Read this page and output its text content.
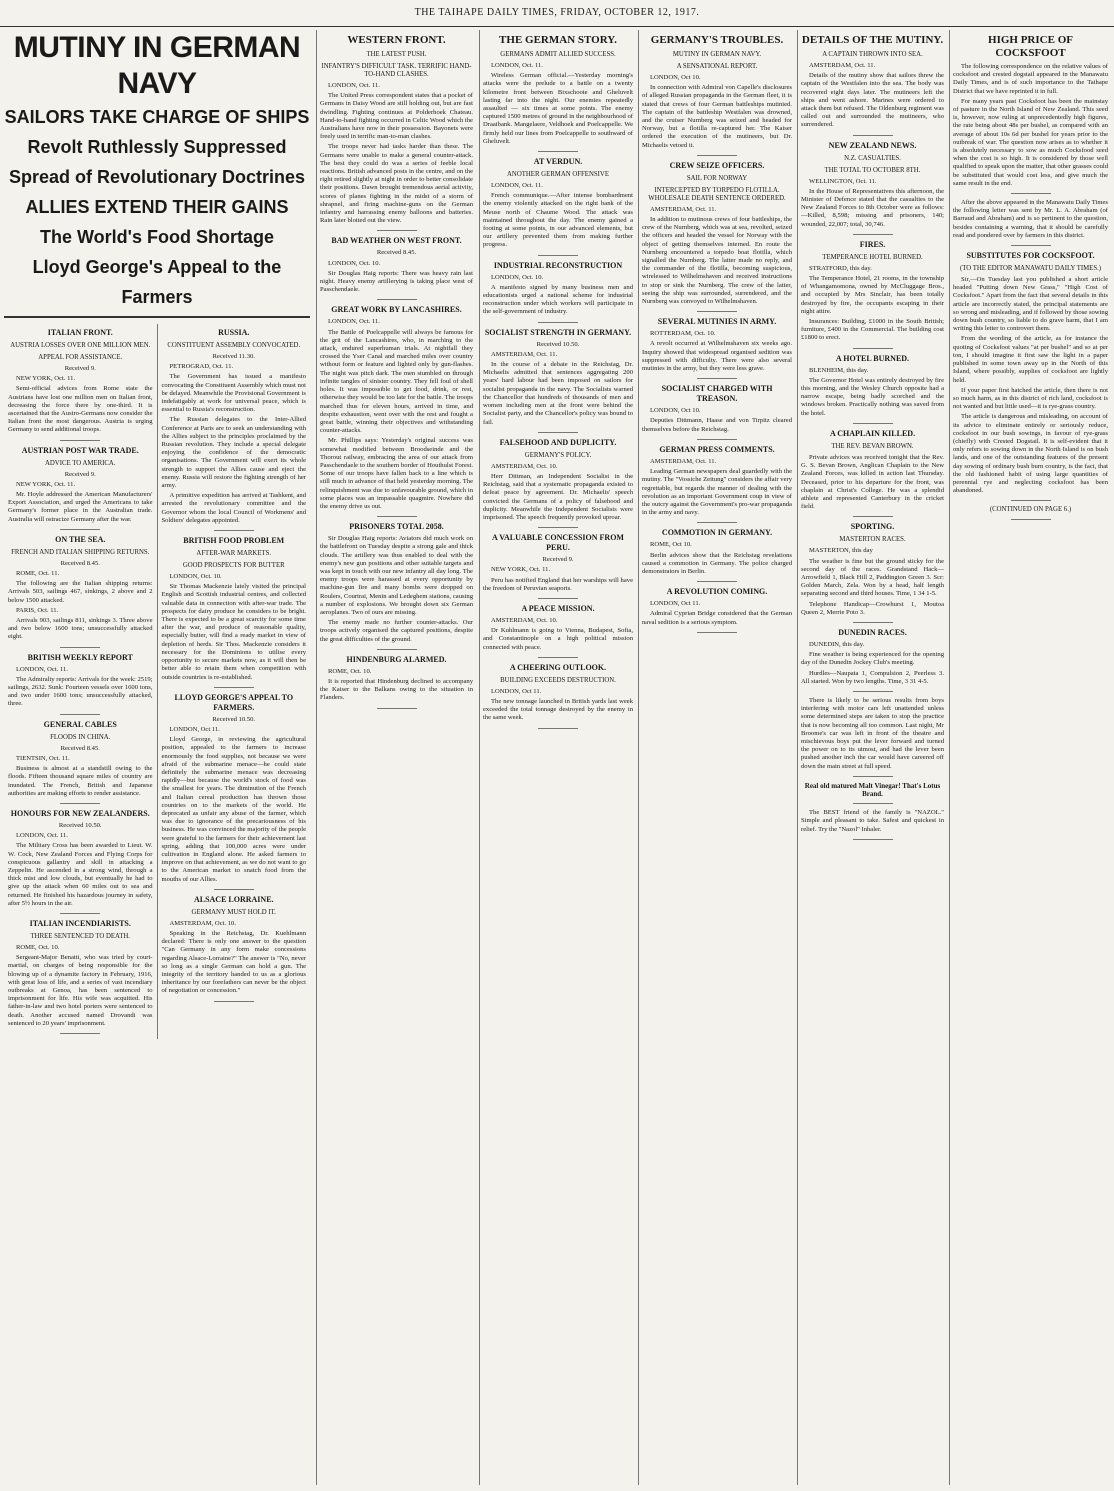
THE TAIHAPE DAILY TIMES, FRIDAY, OCTOBER 12, 1917.
MUTINY IN GERMAN NAVY
SAILORS TAKE CHARGE OF SHIPS
Revolt Ruthlessly Suppressed
Spread of Revolutionary Doctrines
ALLIES EXTEND THEIR GAINS
The World's Food Shortage
Lloyd George's Appeal to the Farmers
ITALIAN FRONT.
AUSTRIA LOSSES OVER ONE MILLION MEN.
APPEAL FOR ASSISTANCE.
Received 9.

NEW YORK, Oct. 11.

Semi-official advices from Rome state the Austrians have lost one million men on Italian front, decreasing the force there by one-third. It is ascertained that the Austro-Germans now consider the Italian front the most dangerous. Austria is urging Germany to send additional troops.

AUSTRIAN POST WAR TRADE.
ADVICE TO AMERICA.
Received 9.

NEW YORK, Oct. 11.

Mr. Hoyle addressed the American Manufacturers' Export Association, and urged the Americans to take Germany's former place in the Australian trade. Australia will ostracize Germany after the war.

ON THE SEA.
FRENCH AND ITALIAN SHIPPING RETURNS.
Received 8.45.

ROME, Oct. 11.

The following are the Italian shipping returns: Arrivals 503, sailings 467, sinkings, 2 above and 2 below 1500 attacked.

PARIS, Oct. 11.

Arrivals 903, sailings 811, sinkings 3. Three above and two below 1600 tons; unsuccessfully attacked eight.

BRITISH WEEKLY REPORT

LONDON, Oct. 11.

The Admiralty reports: Arrivals for the week: 2519; sailings, 2632. Sunk: Fourteen vessels over 1600 tons, and two under 1600 tons; unsuccessfully attacked, three.

GENERAL CABLES
FLOODS IN CHINA.
Received 8.45.

TIENTSIN, Oct. 11.

Business is almost at a standstill owing to the floods. Fifteen thousand square miles of country are inundated. The French, British and Japanese authorities are making efforts to render assistance.

HONOURS FOR NEW ZEALANDERS.
Received 10.50.

LONDON, Oct. 11.

The Military Cross has been awarded to Lieut. W. W. Cock, New Zealand Forces and Flying Corps for conspicuous gallantry and skill in attacking a Zeppelin. He ascended in a strong wind, through a thick mist and low clouds, but eventually he had to give up the attack when 60 miles out to sea and returned. He finished his hazardous journey in safety, after 5½ hours in the air.

ITALIAN INCENDIARISTS.
THREE SENTENCED TO DEATH.

ROME, Oct. 10.

Sergeant-Major Benatti, who was tried by court-martial, on charges of being responsible for the blowing up of a dynamite factory in February, 1916, with great loss of life, and a series of vast incendiary outbreaks at Genoa, has been sentenced to imprisonment for life. His wife was acquitted. His father-in-law and two hotel porters were sentenced to death. Another accused named Drovandi was sentenced to 20 years' imprisonment.

RUSSIA.
CONSTITUENT ASSEMBLY CONVOCATED.
Received 11.30.

PETROGRAD, Oct. 11.

The Government has issued a manifesto convocating the Constituent Assembly which must not be delayed. Meanwhile the Provisional Government is indefatigably at work for universal peace, which is essential to Russia's reconstruction.

The Russian delegates to the Inter-Allied Conference at Paris are to seek an understanding with the Allies subject to the principles proclaimed by the Russian revolution. They include a special delegate enjoying the confidence of the democratic organisations. The Government will exert its whole strength to support the Allies cause and eject the enemy. Russia will restore the fighting strength of her army.

A primitive expedition has arrived at Tashkent, and arrested the revolutionary committee and the Governor whom the local Council of Workmens' and Soldiers' delegates appointed.

BRITISH FOOD PROBLEM
AFTER-WAR MARKETS.
GOOD PROSPECTS FOR BUTTER

LONDON, Oct. 10.

Sir Thomas Mackenzie lately visited the principal English and Scottish industrial centres, and collected valuable data in connection with after-war trade. The prospects for dairy produce he considers to be bright. There is expected to be a great scarcity for some time after the war, and produce of reasonable quality, especially butter, will find a ready market in view of depletion of herds. Sir Thos. Mackenzie considers it necessary for the Dominions to utilise every opportunity to secure markets now, as it will then be better able to retain them when competition with outside countries is re-established.

LLOYD GEORGE'S APPEAL TO FARMERS.
Received 10.50.

LONDON, Oct 11.

Lloyd George, in reviewing the agricultural position, appealed to the farmers to increase enormously the food supplies, not because we were afraid of the submarine menace—he could state definitely the submarine menace was decreasing rapidly—but because the world's stock of food was the smallest for years. The diminution of the French and Italian cereal production has thrown those countries on to the markets of the world. He deprecated as unfair any abuse of the farmer, which was due to ignorance of the precariousness of his business. He was convinced the majority of the people were grateful to the farmers for their achievement last spring, adding that 100,000 acres were under cultivation in England alone. He asked farmers to improve on that achievement, as we do not want to go to the American market to snatch food from the mouths of our Allies.

ALSACE LORRAINE.
GERMANY MUST HOLD IT.

AMSTERDAM, Oct. 10.

Speaking in the Reichstag, Dr. Kuehlmann declared: There is only one answer to the question "Can Germany in any form make concessions regarding Alsace-Lorraine?" The answer is "No, never so long as a single German can hold a gun. The integrity of the territory handed to us as a glorious inheritance by our forefathers can never be the object of negotiation or concession."

WESTERN FRONT.
THE LATEST PUSH.
INFANTRY'S DIFFICULT TASK. TERRIFIC HAND-TO-HAND CLASHES.

LONDON, Oct. 11.

The United Press correspondent states that a pocket of Germans in Daisy Wood are still holding out, but are fast dwindling. Fighting continues at Polderhoek Chateau. Hand-to-hand fighting occurred in Celtic Wood which the Australians have now in their possession. Bayonets were freely used in terrific man-to-man clashes.

The troops never had tasks harder than these. The Germans were unable to make a general counter-attack. The best they could do was a series of feeble local reactions. British advanced posts in the centre, and on the right retired slightly at night in order to better consolidate their positions. Dawn brought tremendous aerial activity, scores of planes fighting in the midst of a storm of shrapnel, and firing machine-guns on the German infantry and harrassing enemy balloons and batteries. Rain later blotted out the view.

BAD WEATHER ON WEST FRONT.
Received 8.45.

LONDON, Oct. 10.

Sir Douglas Haig reports: There was heavy rain last night. Heavy enemy artillerying is taking place west of Passchendaele.

GREAT WORK BY LANCASHIRES.

LONDON, Oct. 11.

The Battle of Poelcappelle will always be famous for the grit of the Lancashires, who, in marching to the attack, endured superhuman trials. At nightfall they crossed the Yser Canal and marched miles over country without form or feature and lighted only by gun-flashes. The night was pitch dark. The men stumbled on through infinite tangles of sinister country. They fell foul of shell holes. It was impossible to get food, drink, or rest, otherwise they would be too late for the battle. The troops marched thus for eleven hours, arrived in time, and despite exhaustion, went over with the rest and fought a great battle, winning their objectives and withstanding counter-attacks.

Mr. Phillips says: Yesterday's original success was somewhat modified between Broodseinde and the Thorout railway, embracing the area of our attack from Passchendaele to the southern border of Houthulst Forest. Some of our troops have fallen back to a line which is still much in advance of that held yesterday morning. The relinquishment was due to unfavourable ground, which in some places was an impassable quagmire. Nowhere did the enemy drive us out.

PRISONERS TOTAL 2058.

Sir Douglas Haig reports: Aviators did much work on the battlefront on Tuesday despite a strong gale and thick clouds. The artillery was thus enabled to deal with the enemy's new gun positions and other suitable targets and was kept in touch with our new infantry all day long. The enemy troops were harassed at every opportunity by machine-gun fire and many bombs were dropped on Roulers, Courtrai, Menin and Ledeghem stations, causing a number of explosions. We brought down six German aeroplanes. Two of ours are missing.

The enemy made no further counter-attacks. Our troops actively organised the captured positions, despite the great difficulties of the ground.

HINDENBURG ALARMED.

ROME, Oct. 10.

It is reported that Hindenburg declined to accompany the Kaiser to the Balkans owing to the situation in Flanders.

THE GERMAN STORY.
GERMANS ADMIT ALLIED SUCCESS.

LONDON, Oct. 11.

Wireless German official.—Yesterday morning's attacks were the prelude to a battle on a twenty kilometre front between Bixschoote and Gheluvelt lasting far into the night. Our enemies repeatedly assaulted — six times at some points. The enemy captured 1500 metres of ground in the neighbourhood of Draaibank. Mangelaere, Veldhoek and Poelcappelle. We firmly held our lines from Poelcappelle to southward of Gheluvelt.

AT VERDUN.
ANOTHER GERMAN OFFENSIVE

LONDON, Oct. 11.

French communique.—After intense bombardment the enemy violently attacked on the right bank of the Meuse north of Chaume Wood. The attack was maintained throughout the day. The enemy gained a footing at some points, in our advanced elements, but our artillery prevented them from making further progress.

INDUSTRIAL RECONSTRUCTION

LONDON, Oct. 10.

A manifesto signed by many business men and educationists urged a national scheme for industrial reconstruction under which workers will participate in the self-government of industry.

SOCIALIST STRENGTH IN GERMANY.
Received 10.50.

AMSTERDAM, Oct. 11.

In the course of a debate in the Reichstag, Dr. Michaelis admitted that sentences aggregating 200 years' hard labour had been imposed on sailors for socialist propaganda in the navy. The Socialists warned the Chancellor that hundreds of thousands of men and women including men at the front were behind the Socialist party, and the Chancellor's policy was bound to fail.

FALSEHOOD AND DUPLICITY.
GERMANY'S POLICY.

AMSTERDAM, Oct. 10.

Herr Dittman, an Independent Socialist in the Reichstag, said that a systematic propaganda existed to defeat peace by agreement. Dr. Michaelis' speech convicted the Germans of a policy of falsehood and duplicity. Meanwhile the Independent Socialists were imprisoned. The speech frequently provoked uproar.

A VALUABLE CONCESSION FROM PERU.
Received 9.

NEW YORK, Oct. 11.

Peru has notified England that her warships will have the freedom of Peruvian seaports.

A PEACE MISSION.

AMSTERDAM, Oct. 10.

Dr Kuhlmann is going to Vienna, Budapest, Sofia, and Constantinople on a high political mission connected with peace.

A CHEERING OUTLOOK.
BUILDING EXCEEDS DESTRUCTION.

LONDON, Oct 11.

The new tonnage launched in British yards last week exceeded the total tonnage destroyed by the enemy in the same week.

GERMANY'S TROUBLES.
MUTINY IN GERMAN NAVY.
A SENSATIONAL REPORT.

LONDON, Oct 10.

In connection with Admiral von Capelle's disclosures of alleged Russian propaganda in the German fleet, it is stated that crews of four German battleships mutinied. The captain of the battleship Westfalen was drowned, and the cruiser Nurnberg was seized and headed for Norway, but a flotilla re-captured her. The Kaiser ordered the execution of the mutineers, but Dr. Michaelis vetoed it.

CREW SEIZE OFFICERS.
SAIL FOR NORWAY
INTERCEPTED BY TORPEDO FLOTILLA. WHOLESALE DEATH SENTENCE ORDERED.

AMSTERDAM, Oct. 11.

In addition to mutinous crews of four battleships, the crew of the Nurnberg, which was at sea, revolted, seized the officers and headed the vessel for Norway with the object of getting themselves interned. En route the Nurnberg encountered a torpedo boat flotilla, which signalled the Nurnberg. The latter made no reply, and the commander of the flotilla, becoming suspicious, wirelessed to Wilhelmshaven and received instructions to stop or sink the Nurnberg. The crew of the latter, seeing the ship was surrounded, surrendered, and the Nurnberg was convoyed to Wilhelmshaven.

SEVERAL MUTINIES IN ARMY.

ROTTERDAM, Oct. 10.

A revolt occurred at Wilhelmshaven six weeks ago. Inquiry showed that widespread organised sedition was suppressed with difficulty. There were also several mutinies in the army, but they were less grave.

SOCIALIST CHARGED WITH TREASON.

LONDON, Oct 10.

Deputies Dittmann, Haase and von Tirpitz cleared themselves before the Reichstag.

GERMAN PRESS COMMENTS.

AMSTERDAM, Oct. 11.

Leading German newspapers deal guardedly with the mutiny. The "Vossiche Zeitung" considers the affair very regrettable, but regards the manner of dealing with the revolution as an important Government coup in view of the outcry against the Government's pro-war propaganda in the army and navy.

COMMOTION IN GERMANY.

ROME, Oct 10.

Berlin advices show that the Reichstag revelations caused a commotion in Germany. The police charged demonstrators in Berlin.

A REVOLUTION COMING.

LONDON, Oct 11.

Admiral Cyprian Bridge considered that the German naval sedition is a serious symptom.

DETAILS OF THE MUTINY.
A CAPTAIN THROWN INTO SEA.

AMSTERDAM, Oct. 11.

Details of the mutiny show that sailors threw the captain of the Westfalen into the sea. The body was recovered eight days later. The mutineers left the ships and went ashore. Marines were ordered to attack them but refused. The Oldenburg regiment was called out and surrounded the mutineers, who surrendered.

NEW ZEALAND NEWS.
N.Z. CASUALTIES.
THE TOTAL TO OCTOBER 8TH.

WELLINGTON, Oct. 11.

In the House of Representatives this afternoon, the Minister of Defence stated that the casualties to the New Zealand Forces to 8th October were as follows:—Killed, 8,598; missing and prisoners, 140; wounded, 22,007; total, 30,746.

FIRES.
TEMPERANCE HOTEL BURNED.

STRATFORD, this day.

The Temperance Hotel, 21 rooms, in the township of Whangamomona, owned by McCluggage Bros., and occupied by Mrs Sinclair, has been totally destroyed by fire, the occupants escaping in their night attire.

Insurances: Building, £1000 in the South British; furniture, £400 in the Commercial. The building cost £1800 to erect.

A HOTEL BURNED.

BLENHEIM, this day.

The Governor Hotel was entirely destroyed by fire this morning, and the Wesley Church opposite had a narrow escape, being badly scorched and the windows broken. Practically nothing was saved from the hotel.

A CHAPLAIN KILLED.
THE REV. BEVAN BROWN.

Private advices was received tonight that the Rev. G. S. Bevan Brown, Anglican Chaplain to the New Zealand Forces, was killed in action last Thursday. Deceased, prior to his departure for the front, was chaplain at Christ's College. He was a splendid athlete and represented Canterbury in the cricket field.

SPORTING.
MASTERTON RACES.

MASTERTON, this day

The weather is fine but the ground sticky for the second day of the races. Grandstand Hack—Arrowfield 1, Black Hill 2, Paddington Green 3. Scr: Golden March, Zela. Won by a head, half length separating second and third houses. Time, 1 34 1-5.

Telephone Handicap—Crowhurst 1, Moutoa Queen 2, Merrie Poto 3.

DUNEDIN RACES.

DUNEDIN, this day.

Fine weather is being experienced for the opening day of the Dunedin Jockey Club's meeting.

Hurdles—Naupata 1, Compulsion 2, Peerless 3. All started. Won by two lengths. Time, 3 31 4-5.

There is likely to be serious results from boys interfering with motor cars left unattended unless some determined steps are taken to stop the practice that is now becoming all too common. Last night, Mr Broome's car was left in front of the theatre and mischievous boys put the lever forward and turned the power on to its utmost, and had the lever been pushed another inch the car would have careered off down the main street at full speed.

Real old matured Malt Vinegar! That's Lotus Brand.

The BEST friend of the family is "NAZOL." Simple and pleasant to take. Safest and quickest in relief. Try the "Nazol" Inhaler.

HIGH PRICE OF COCKSFOOT

The following correspondence on the relative values of cocksfoot and crested dogstail appeared in the Manawatu Daily Times, and is of such importance to the Taihape District that we have reprinted it in full.

For many years past Cocksfoot has been the mainstay of pasture in the North Island of New Zealand. This seed is, however, now ruling at unprecedentedly high figures, the rate being about 48s per bushel, as compared with an average of about 10s 6d per bushel for years prior to the outbreak of war. The question now arises as to whether it is absolutely necessary to sow as much Cocksfood seed when the cost is so high. It is considered by those well qualified to speak upon the matter, that other grasses could be substituted that would cost less, and give much the same result in the end.

After the above appeared in the Manawatu Daily Times the following letter was sent by Mr. L. A. Abraham (of Barraud and Abraham) and is so pertinent to the question, besides containing a warning, that it should be carefully read and pondered over by farmers in this district.

SUBSTITUTES FOR COCKSFOOT.
(TO THE EDITOR MANAWATU DAILY TIMES.)

Sir,—On Tuesday last you published a short article headed "Putting down New Grass," "High Cost of Cocksfoot." Apart from the fact that several details in this article are incorrectly stated, the principal statements are so wrong and misleading, and if followed by those sowing down bush country, so liable to do grave harm, that I am writing this letter to controvert them.

From the wording of the article, as for instance the quoting of Cocksfoot values "at per bushel" and so at per ton, I should imagine it first saw the light in a paper published in some town away up in the North of this Island, where possibly, supplies of cocksfoot are lightly held.

If your paper first hatched the article, then there is not so much harm, as in this district of rich land, cocksfoot is not wanted and but little used—it is rye-grass country.

The article is dangerous and misleading, on account of its advice to eliminate entirely or seriously reduce, cocksfoot in our bush sowings, in favour of rye-grass (chiefly) with Crested Dogstail. It is self-evident that it only refers to sowing down in the North Island is on bush lands, and one of the outstanding features of the present day sowing of ordinary bush burn country, is the fact, that the old fashioned habit of using large quantities of perennial rye and neglecting cocksfoot has been abandoned.

(CONTINUED ON PAGE 6.)
